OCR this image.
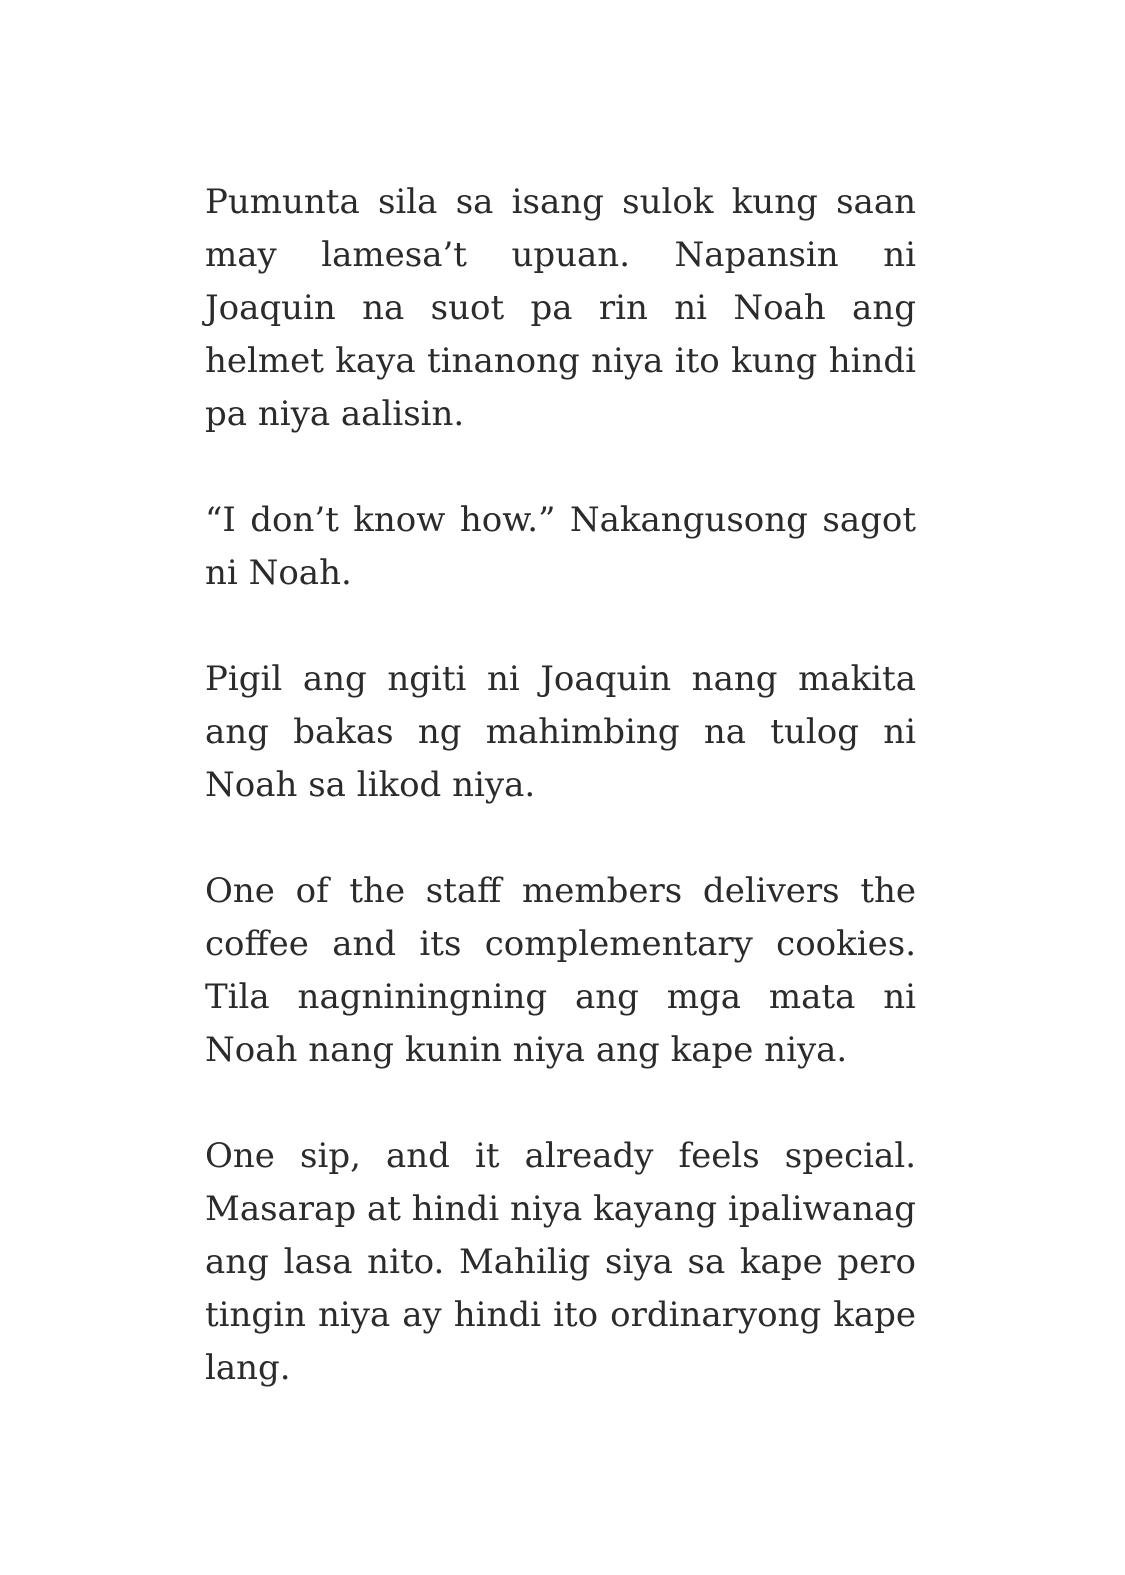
Pumunta sila sa isang sulok kung saan may lamesa’t upuan. Napansin ni Joaquin na suot pa rin ni Noah ang helmet kaya tinanong niya ito kung hindi pa niya aalisin.

“I don’t know how.” Nakangusong sagot ni Noah.

Pigil ang ngiti ni Joaquin nang makita ang bakas ng mahimbing na tulog ni Noah sa likod niya.

One of the staff members delivers the coffee and its complementary cookies. Tila nagniningning ang mga mata ni Noah nang kunin niya ang kape niya.

One sip, and it already feels special. Masarap at hindi niya kayang ipaliwanag ang lasa nito. Mahilig siya sa kape pero tingin niya ay hindi ito ordinaryong kape lang.
